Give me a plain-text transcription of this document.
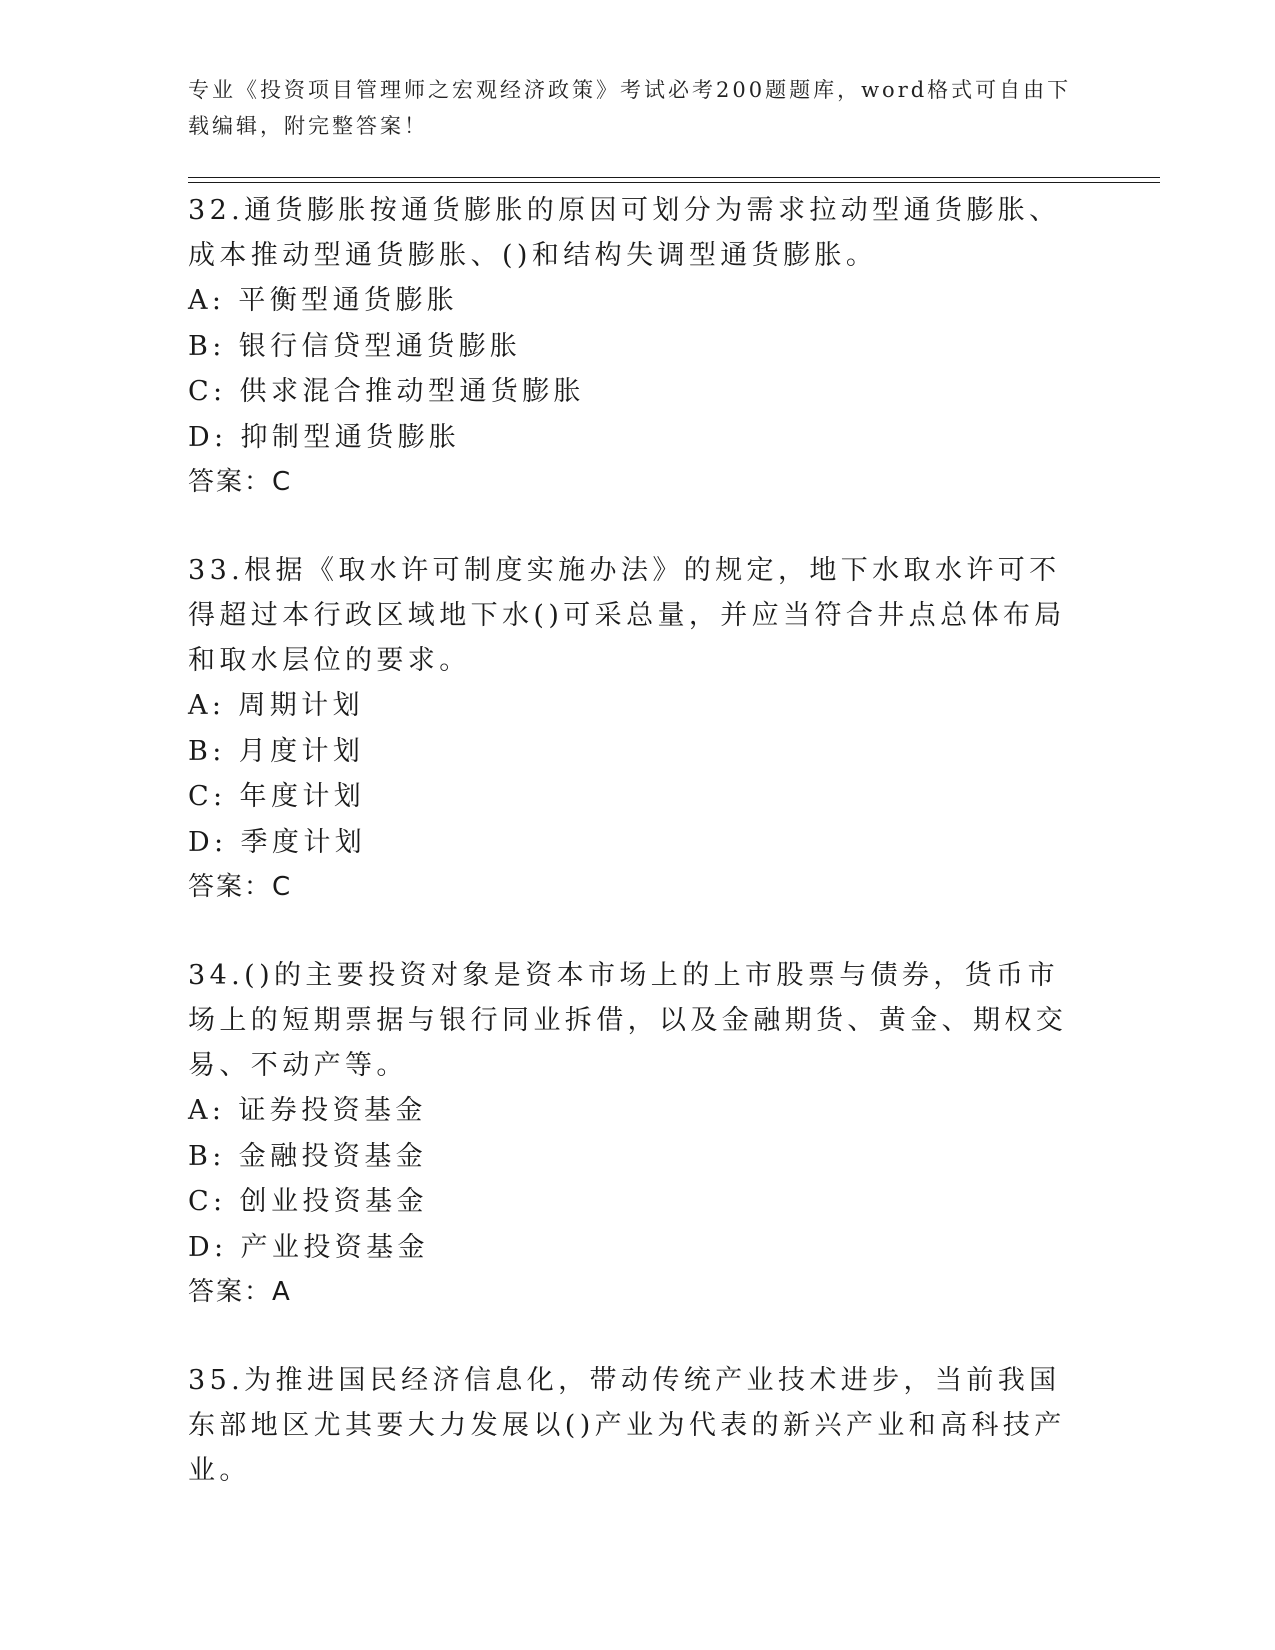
专业《投资项目管理师之宏观经济政策》考试必考200题题库，word格式可自由下载编辑，附完整答案！
32.通货膨胀按通货膨胀的原因可划分为需求拉动型通货膨胀、成本推动型通货膨胀、()和结构失调型通货膨胀。
A: 平衡型通货膨胀
B: 银行信贷型通货膨胀
C: 供求混合推动型通货膨胀
D: 抑制型通货膨胀
答案：C
33.根据《取水许可制度实施办法》的规定，地下水取水许可不得超过本行政区域地下水()可采总量，并应当符合井点总体布局和取水层位的要求。
A: 周期计划
B: 月度计划
C: 年度计划
D: 季度计划
答案：C
34.()的主要投资对象是资本市场上的上市股票与债券，货币市场上的短期票据与银行同业拆借，以及金融期货、黄金、期权交易、不动产等。
A: 证券投资基金
B: 金融投资基金
C: 创业投资基金
D: 产业投资基金
答案：A
35.为推进国民经济信息化，带动传统产业技术进步，当前我国东部地区尤其要大力发展以()产业为代表的新兴产业和高科技产业。
